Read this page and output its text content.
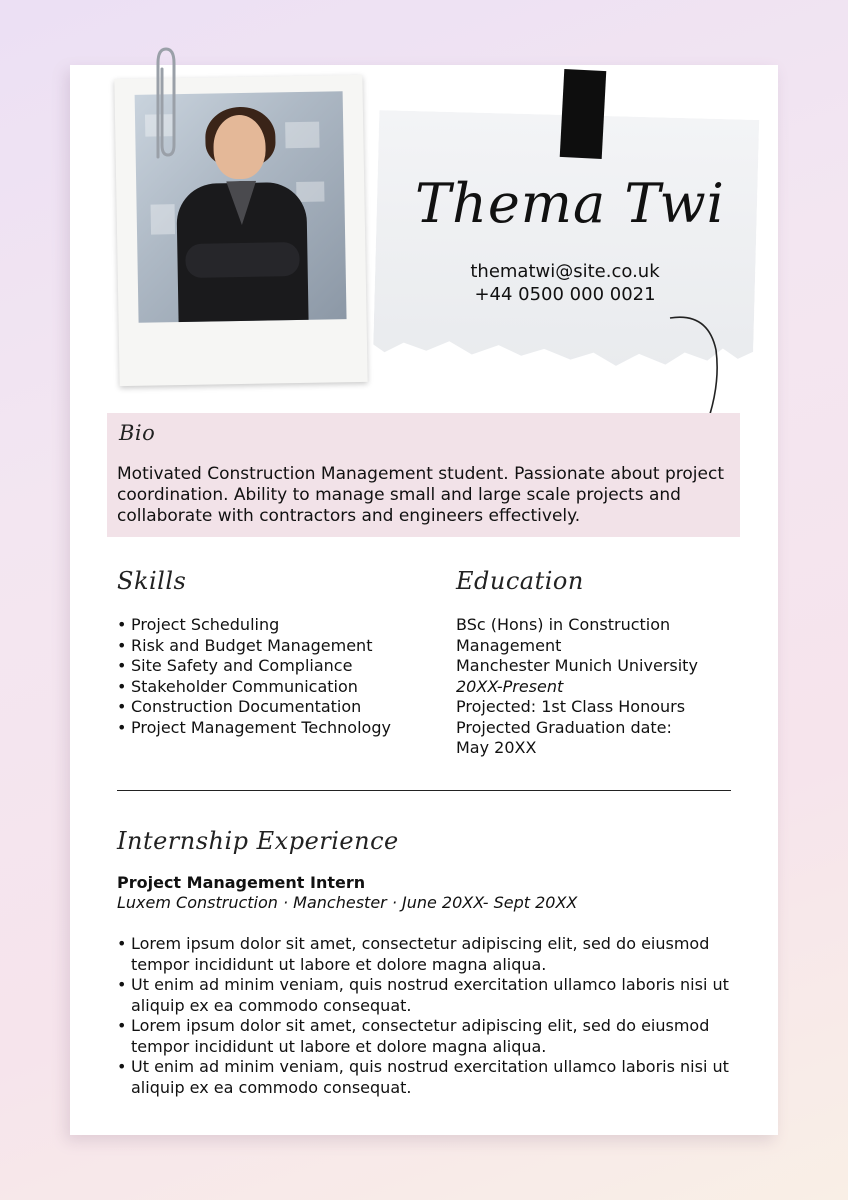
Thema Twi
thematwi@site.co.uk
+44 0500 000 0021
Bio
Motivated Construction Management student. Passionate about project coordination. Ability to manage small and large scale projects and collaborate with contractors and engineers effectively.
Skills
• Project Scheduling
• Risk and Budget Management
• Site Safety and Compliance
• Stakeholder Communication
• Construction Documentation
• Project Management Technology
Education
BSc (Hons) in Construction Management
Manchester Munich University
20XX-Present
Projected: 1st Class Honours
Projected Graduation date:
May 20XX
Internship Experience
Project Management Intern
Luxem Construction · Manchester · June 20XX- Sept 20XX
• Lorem ipsum dolor sit amet, consectetur adipiscing elit, sed do eiusmod tempor incididunt ut labore et dolore magna aliqua.
• Ut enim ad minim veniam, quis nostrud exercitation ullamco laboris nisi ut aliquip ex ea commodo consequat.
• Lorem ipsum dolor sit amet, consectetur adipiscing elit, sed do eiusmod tempor incididunt ut labore et dolore magna aliqua.
• Ut enim ad minim veniam, quis nostrud exercitation ullamco laboris nisi ut aliquip ex ea commodo consequat.
